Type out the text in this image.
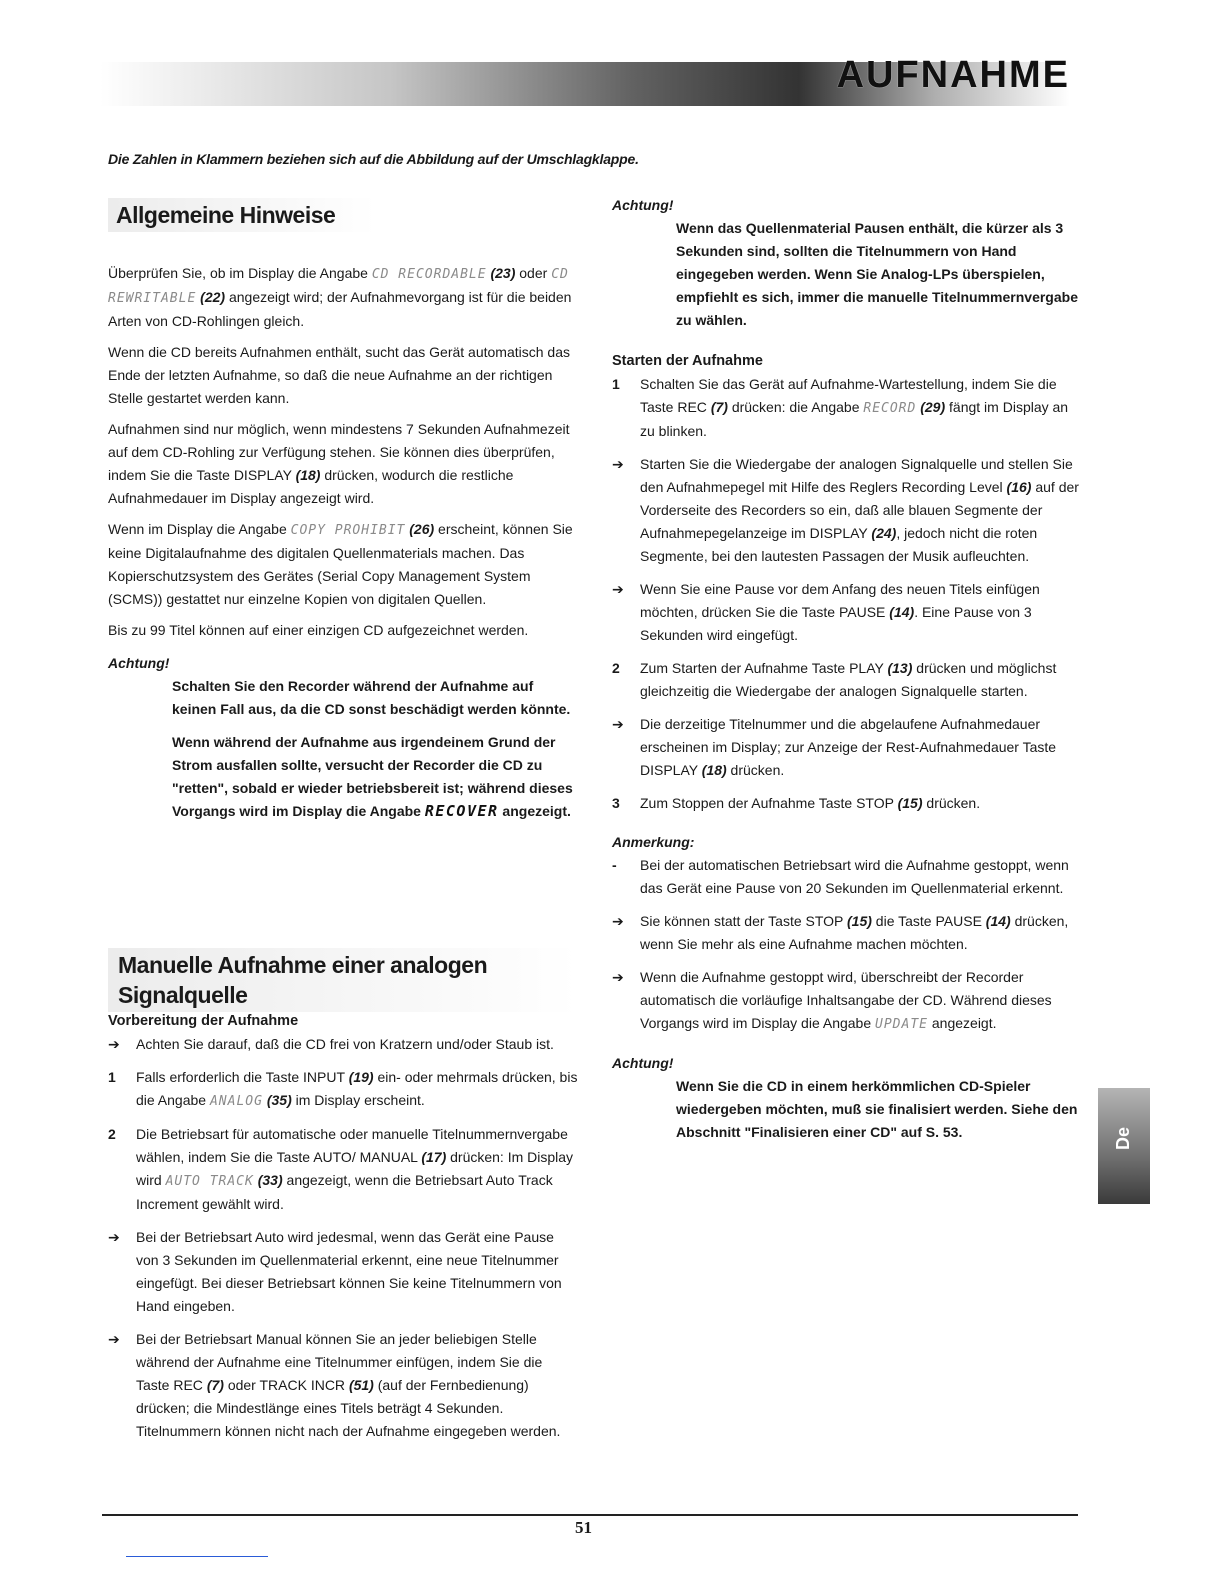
AUFNAHME
Die Zahlen in Klammern beziehen sich auf die Abbildung auf der Umschlagklappe.
Allgemeine Hinweise

Überprüfen Sie, ob im Display die Angabe CD RECORDABLE (23) oder CD REWRITABLE (22) angezeigt wird; der Aufnahmevorgang ist für die beiden Arten von CD-Rohlingen gleich.

Wenn die CD bereits Aufnahmen enthält, sucht das Gerät automatisch das Ende der letzten Aufnahme, so daß die neue Aufnahme an der richtigen Stelle gestartet werden kann.

Aufnahmen sind nur möglich, wenn mindestens 7 Sekunden Aufnahmezeit auf dem CD-Rohling zur Verfügung stehen. Sie können dies überprüfen, indem Sie die Taste DISPLAY (18) drücken, wodurch die restliche Aufnahmedauer im Display angezeigt wird.

Wenn im Display die Angabe COPY PROHIBIT (26) erscheint, können Sie keine Digitalaufnahme des digitalen Quellenmaterials machen. Das Kopierschutzsystem des Gerätes (Serial Copy Management System (SCMS)) gestattet nur einzelne Kopien von digitalen Quellen.

Bis zu 99 Titel können auf einer einzigen CD aufgezeichnet werden.

Achtung!

Schalten Sie den Recorder während der Aufnahme auf keinen Fall aus, da die CD sonst beschädigt werden könnte.

Wenn während der Aufnahme aus irgendeinem Grund der Strom ausfallen sollte, versucht der Recorder die CD zu "retten", sobald er wieder betriebsbereit ist; während dieses Vorgangs wird im Display die Angabe RECOVER angezeigt.

Manuelle Aufnahme einer analogen Signalquelle

Vorbereitung der Aufnahme

➔	Achten Sie darauf, daß die CD frei von Kratzern und/oder Staub ist.
1	Falls erforderlich die Taste INPUT (19) ein- oder mehrmals drücken, bis die Angabe ANALOG (35) im Display erscheint.
2	Die Betriebsart für automatische oder manuelle Titelnummernvergabe wählen, indem Sie die Taste AUTO/ MANUAL (17) drücken: Im Display wird AUTO TRACK (33) angezeigt, wenn die Betriebsart Auto Track Increment gewählt wird.
➔	Bei der Betriebsart Auto wird jedesmal, wenn das Gerät eine Pause von 3 Sekunden im Quellenmaterial erkennt, eine neue Titelnummer eingefügt. Bei dieser Betriebsart können Sie keine Titelnummern von Hand eingeben.
➔	Bei der Betriebsart Manual können Sie an jeder beliebigen Stelle während der Aufnahme eine Titelnummer einfügen, indem Sie die Taste REC (7) oder TRACK INCR (51) (auf der Fernbedienung) drücken; die Mindestlänge eines Titels beträgt 4 Sekunden. Titelnummern können nicht nach der Aufnahme eingegeben werden.

Achtung!

Wenn das Quellenmaterial Pausen enthält, die kürzer als 3 Sekunden sind, sollten die Titelnummern von Hand eingegeben werden. Wenn Sie Analog-LPs überspielen, empfiehlt es sich, immer die manuelle Titelnummernvergabe zu wählen.

Starten der Aufnahme

1	Schalten Sie das Gerät auf Aufnahme-Wartestellung, indem Sie die Taste REC (7) drücken: die Angabe RECORD (29) fängt im Display an zu blinken.
➔	Starten Sie die Wiedergabe der analogen Signalquelle und stellen Sie den Aufnahmepegel mit Hilfe des Reglers Recording Level (16) auf der Vorderseite des Recorders so ein, daß alle blauen Segmente der Aufnahmepegelanzeige im DISPLAY (24), jedoch nicht die roten Segmente, bei den lautesten Passagen der Musik aufleuchten.
➔	Wenn Sie eine Pause vor dem Anfang des neuen Titels einfügen möchten, drücken Sie die Taste PAUSE (14). Eine Pause von 3 Sekunden wird eingefügt.
2	Zum Starten der Aufnahme Taste PLAY (13) drücken und möglichst gleichzeitig die Wiedergabe der analogen Signalquelle starten.
➔	Die derzeitige Titelnummer und die abgelaufene Aufnahmedauer erscheinen im Display; zur Anzeige der Rest-Aufnahmedauer Taste DISPLAY (18) drücken.
3	Zum Stoppen der Aufnahme Taste STOP (15) drücken.

Anmerkung:

-	Bei der automatischen Betriebsart wird die Aufnahme gestoppt, wenn das Gerät eine Pause von 20 Sekunden im Quellenmaterial erkennt.
➔	Sie können statt der Taste STOP (15) die Taste PAUSE (14) drücken, wenn Sie mehr als eine Aufnahme machen möchten.
➔	Wenn die Aufnahme gestoppt wird, überschreibt der Recorder automatisch die vorläufige Inhaltsangabe der CD. Während dieses Vorgangs wird im Display die Angabe UPDATE angezeigt.

Achtung!

Wenn Sie die CD in einem herkömmlichen CD-Spieler wiedergeben möchten, muß sie finalisiert werden. Siehe den Abschnitt "Finalisieren einer CD" auf S. 53.	De
51
